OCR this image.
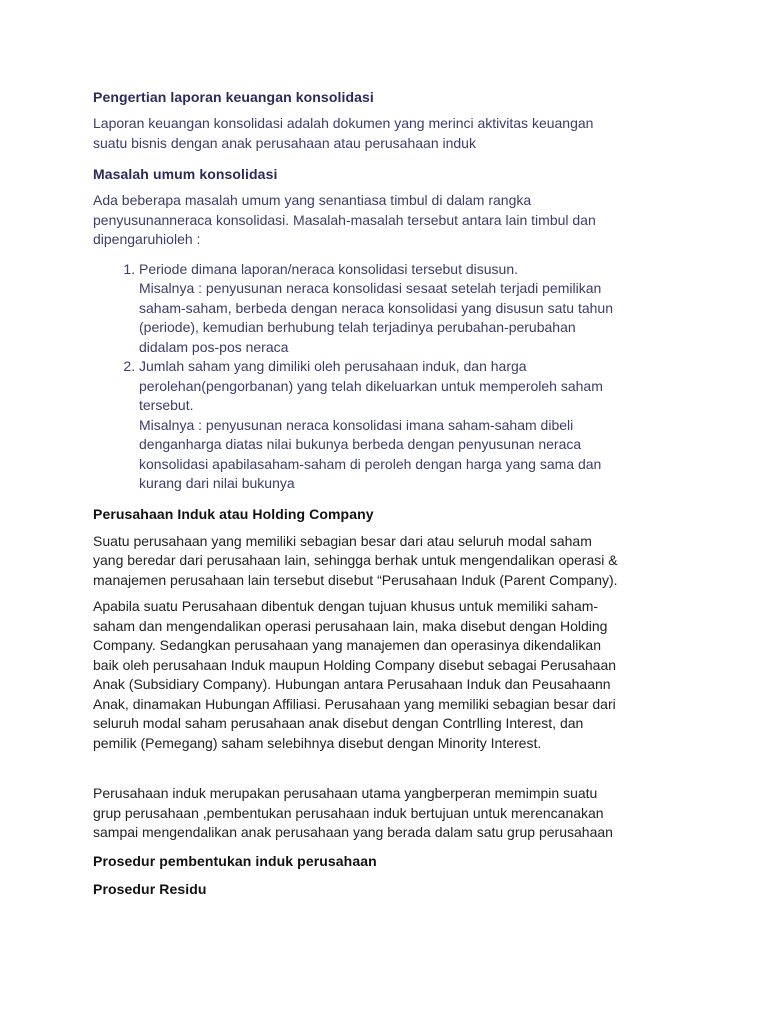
Pengertian laporan keuangan konsolidasi

Laporan keuangan konsolidasi adalah dokumen yang merinci aktivitas keuangan
suatu bisnis dengan anak perusahaan atau perusahaan induk

Masalah umum konsolidasi

Ada beberapa masalah umum yang senantiasa timbul di dalam rangka
penyusunanneraca konsolidasi. Masalah-masalah tersebut antara lain timbul dan
dipengaruhioleh :

1. Periode dimana laporan/neraca konsolidasi tersebut disusun.
Misalnya : penyusunan neraca konsolidasi sesaat setelah terjadi pemilikan
saham-saham, berbeda dengan neraca konsolidasi yang disusun satu tahun
(periode), kemudian berhubung telah terjadinya perubahan-perubahan
didalam pos-pos neraca
2. Jumlah saham yang dimiliki oleh perusahaan induk, dan harga
perolehan(pengorbanan) yang telah dikeluarkan untuk memperoleh saham
tersebut.
Misalnya : penyusunan neraca konsolidasi imana saham-saham dibeli
denganharga diatas nilai bukunya berbeda dengan penyusunan neraca
konsolidasi apabilasaham-saham di peroleh dengan harga yang sama dan
kurang dari nilai bukunya
Perusahaan Induk atau Holding Company

Suatu perusahaan yang memiliki sebagian besar dari atau seluruh modal saham
yang beredar dari perusahaan lain, sehingga berhak untuk mengendalikan operasi &
manajemen perusahaan lain tersebut disebut “Perusahaan Induk (Parent Company).

Apabila suatu Perusahaan dibentuk dengan tujuan khusus untuk memiliki saham-
saham dan mengendalikan operasi perusahaan lain, maka disebut dengan Holding
Company. Sedangkan perusahaan yang manajemen dan operasinya dikendalikan
baik oleh perusahaan Induk maupun Holding Company disebut sebagai Perusahaan
Anak (Subsidiary Company). Hubungan antara Perusahaan Induk dan Peusahaann
Anak, dinamakan Hubungan Affiliasi. Perusahaan yang memiliki sebagian besar dari
seluruh modal saham perusahaan anak disebut dengan Contrlling Interest, dan
pemilik (Pemegang) saham selebihnya disebut dengan Minority Interest.

Perusahaan induk merupakan perusahaan utama yangberperan memimpin suatu
grup perusahaan ,pembentukan perusahaan induk bertujuan untuk merencanakan
sampai mengendalikan anak perusahaan yang berada dalam satu grup perusahaan

Prosedur pembentukan induk perusahaan
Prosedur Residu
